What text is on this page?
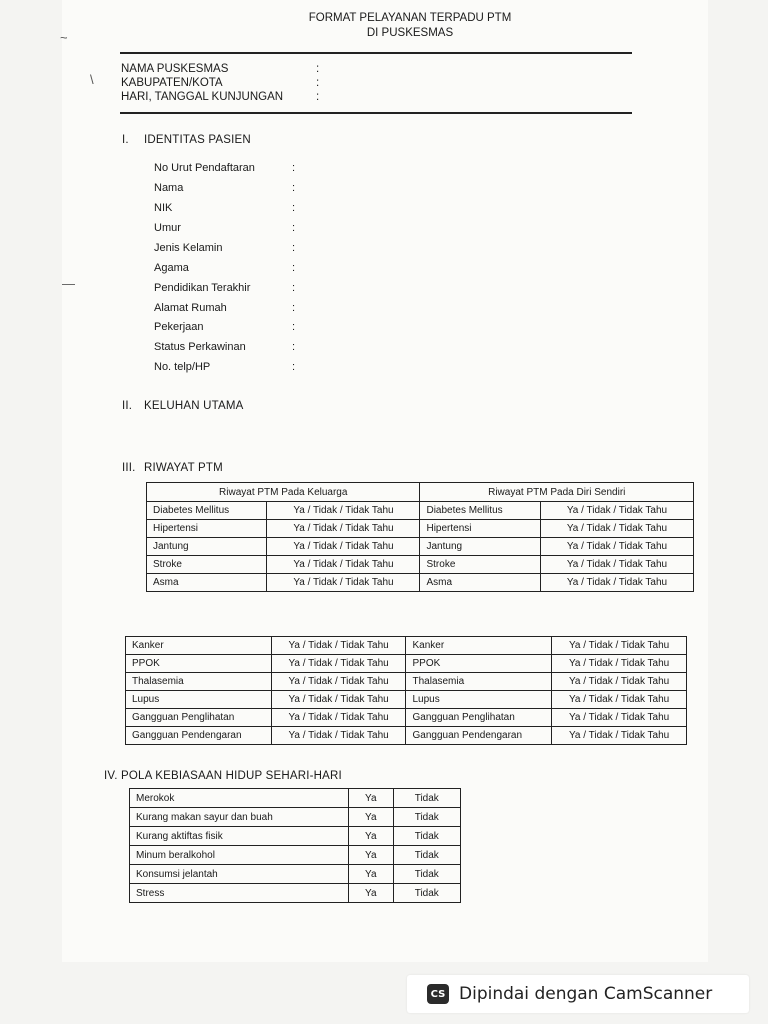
~
\
—
FORMAT PELAYANAN TERPADU PTM
DI PUSKESMAS
NAMA PUSKESMAS	:
KABUPATEN/KOTA	:
HARI, TANGGAL KUNJUNGAN	:
I. IDENTITAS PASIEN
No Urut Pendaftaran	:
Nama	:
NIK	:
Umur	:
Jenis Kelamin	:
Agama	:
Pendidikan Terakhir	:
Alamat Rumah	:
Pekerjaan	:
Status Perkawinan	:
No. telp/HP	:
II. KELUHAN UTAMA
III. RIWAYAT PTM
Riwayat PTM Pada Keluarga		Riwayat PTM Pada Diri Sendiri	
Diabetes Mellitus	Ya / Tidak / Tidak Tahu	Diabetes Mellitus	Ya / Tidak / Tidak Tahu
Hipertensi	Ya / Tidak / Tidak Tahu	Hipertensi	Ya / Tidak / Tidak Tahu
Jantung	Ya / Tidak / Tidak Tahu	Jantung	Ya / Tidak / Tidak Tahu
Stroke	Ya / Tidak / Tidak Tahu	Stroke	Ya / Tidak / Tidak Tahu
Asma	Ya / Tidak / Tidak Tahu	Asma	Ya / Tidak / Tidak Tahu
Kanker	Ya / Tidak / Tidak Tahu	Kanker	Ya / Tidak / Tidak Tahu
PPOK	Ya / Tidak / Tidak Tahu	PPOK	Ya / Tidak / Tidak Tahu
Thalasemia	Ya / Tidak / Tidak Tahu	Thalasemia	Ya / Tidak / Tidak Tahu
Lupus	Ya / Tidak / Tidak Tahu	Lupus	Ya / Tidak / Tidak Tahu
Gangguan Penglihatan	Ya / Tidak / Tidak Tahu	Gangguan Penglihatan	Ya / Tidak / Tidak Tahu
Gangguan Pendengaran	Ya / Tidak / Tidak Tahu	Gangguan Pendengaran	Ya / Tidak / Tidak Tahu
IV. POLA KEBIASAAN HIDUP SEHARI-HARI
Merokok	Ya	Tidak
Kurang makan sayur dan buah	Ya	Tidak
Kurang aktiftas fisik	Ya	Tidak
Minum beralkohol	Ya	Tidak
Konsumsi jelantah	Ya	Tidak
Stress	Ya	Tidak
CS Dipindai dengan CamScanner
